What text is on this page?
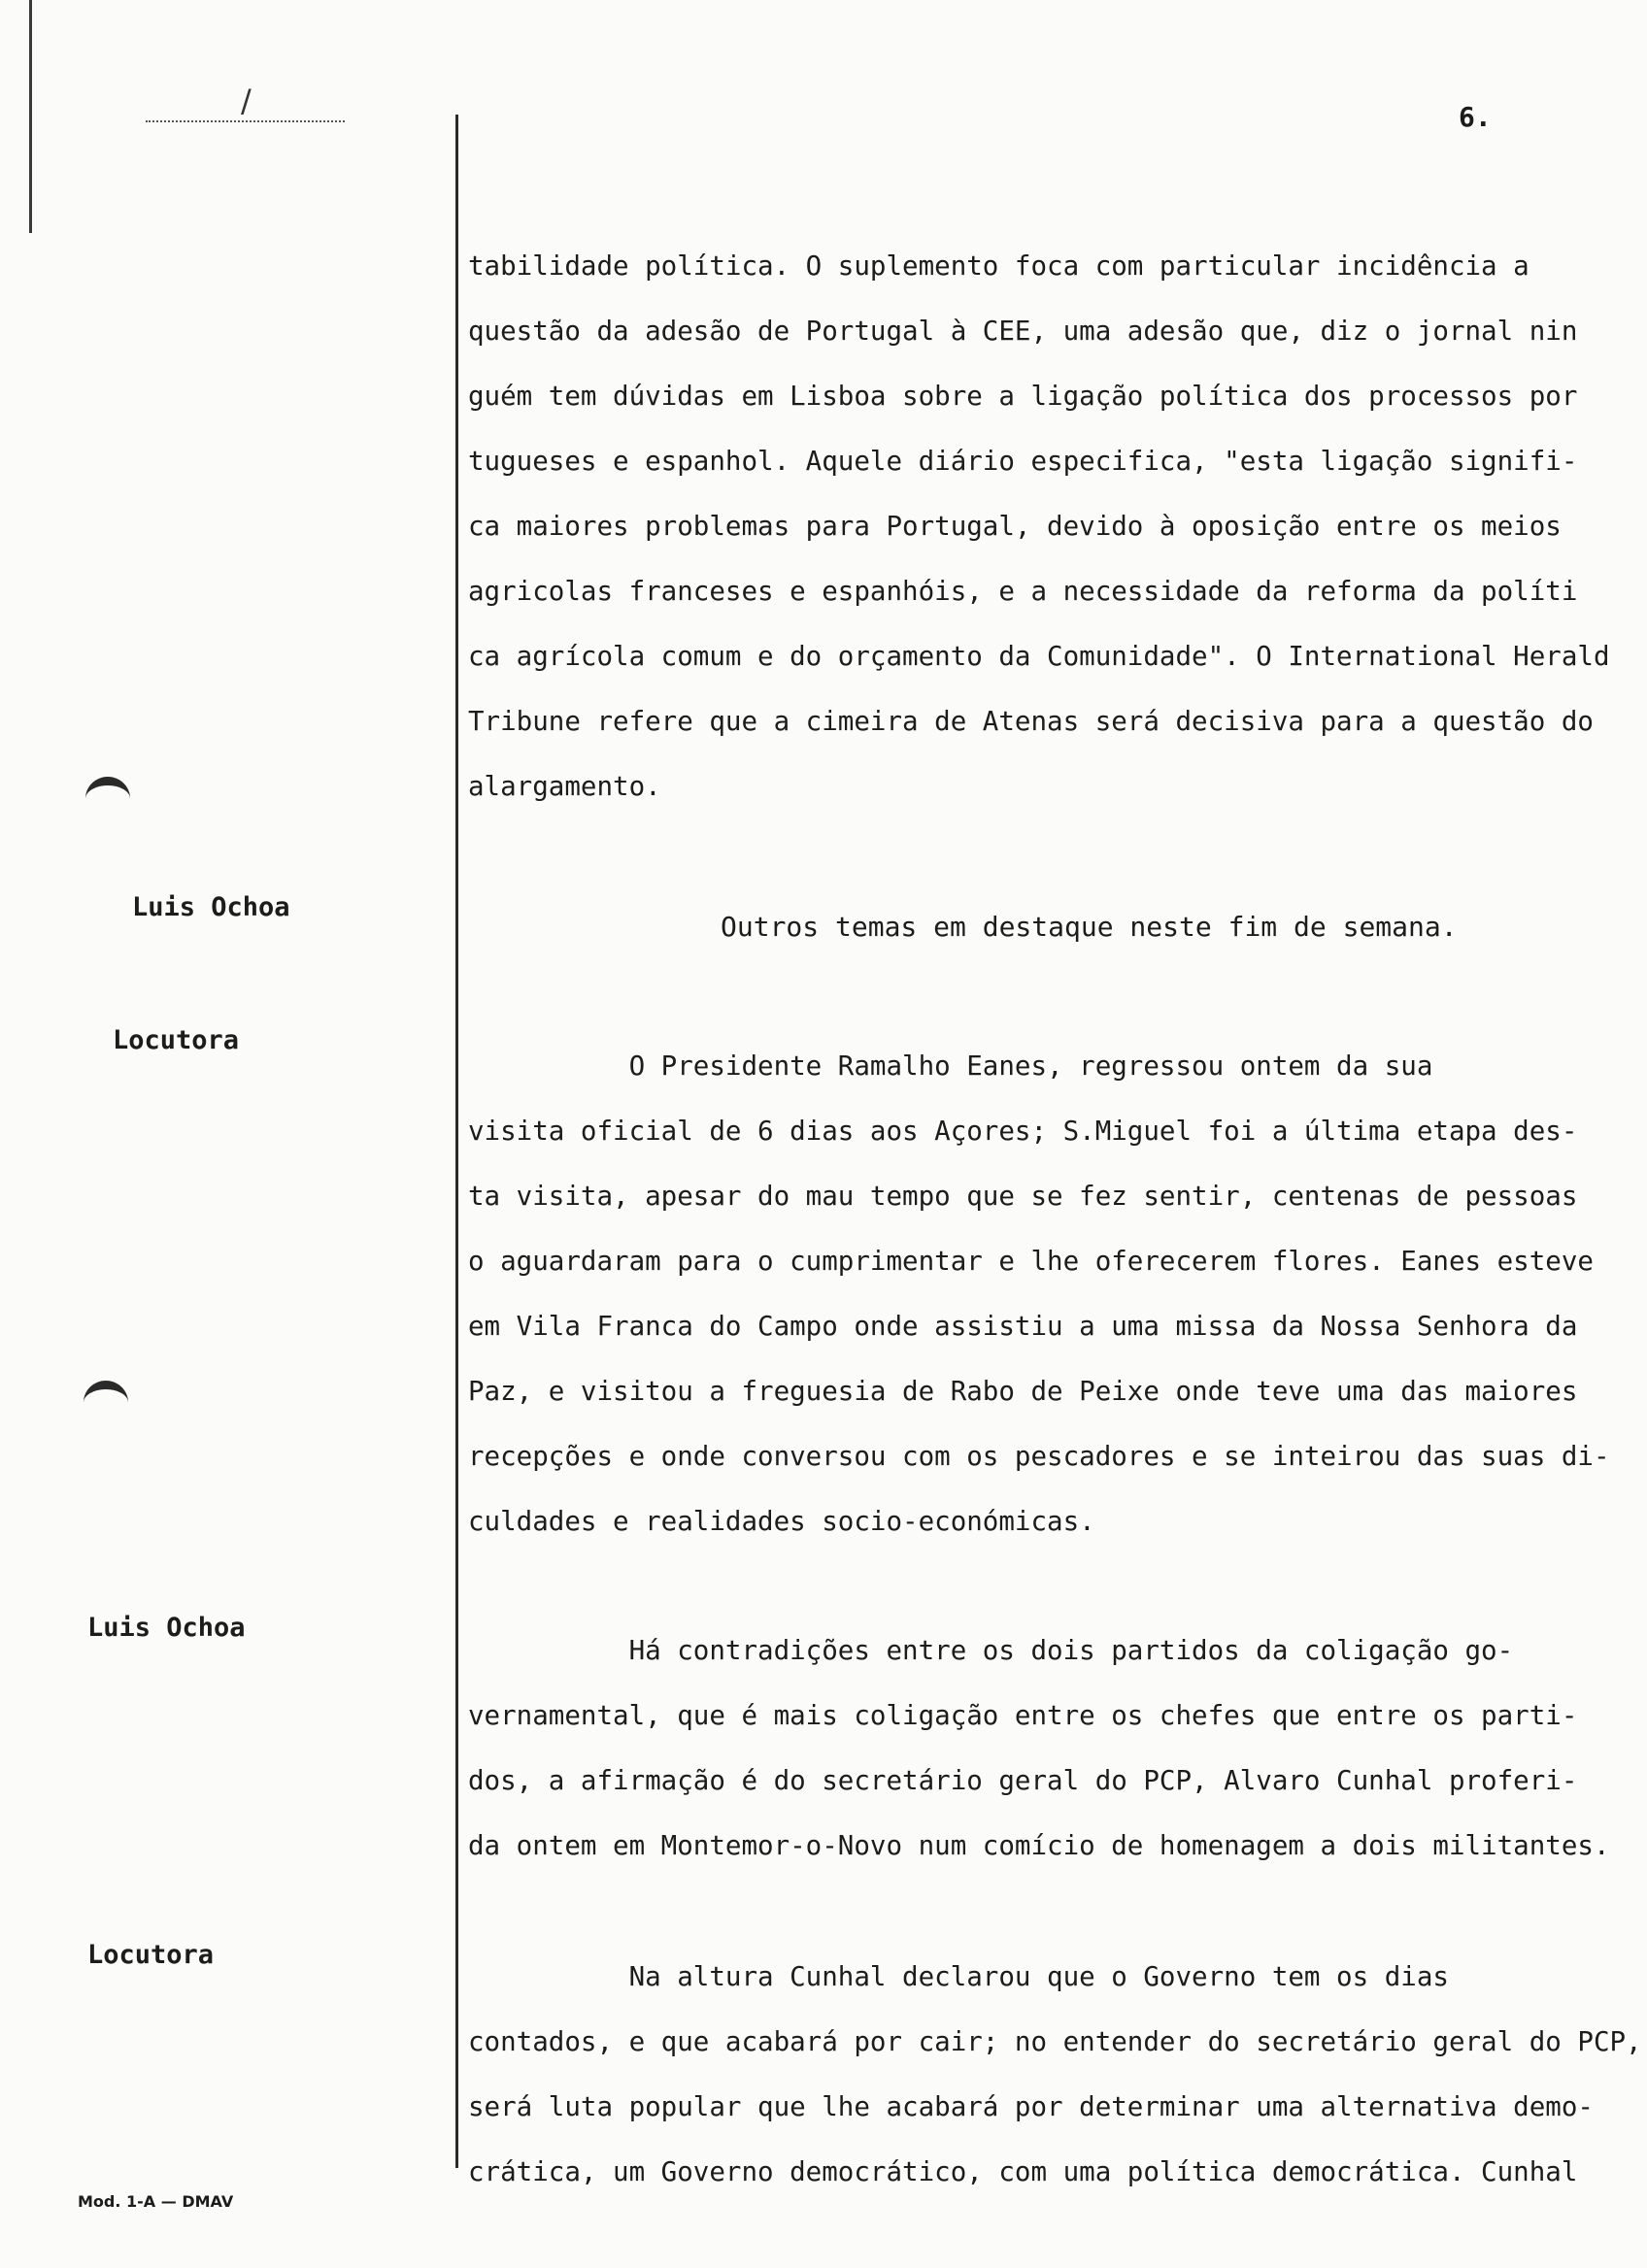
/	6.
Luis Ochoa
Locutora
Luis Ochoa
Locutora
Outros temas em destaque neste fim de semana.
tabilidade política. O suplemento foca com particular incidência a
questão da adesão de Portugal à CEE, uma adesão que, diz o jornal nin
guém tem dúvidas em Lisboa sobre a ligação política dos processos por
tugueses e espanhol. Aquele diário especifica, "esta ligação signifi-
ca maiores problemas para Portugal, devido à oposição entre os meios
agricolas franceses e espanhóis, e a necessidade da reforma da políti
ca agrícola comum e do orçamento da Comunidade". O International Herald
Tribune refere que a cimeira de Atenas será decisiva para a questão do
alargamento.
O Presidente Ramalho Eanes, regressou ontem da sua
visita oficial de 6 dias aos Açores; S.Miguel foi a última etapa des-
ta visita, apesar do mau tempo que se fez sentir, centenas de pessoas
o aguardaram para o cumprimentar e lhe oferecerem flores. Eanes esteve
em Vila Franca do Campo onde assistiu a uma missa da Nossa Senhora da
Paz, e visitou a freguesia de Rabo de Peixe onde teve uma das maiores
recepções e onde conversou com os pescadores e se inteirou das suas di-
culdades e realidades socio-económicas.
Há contradições entre os dois partidos da coligação go-
vernamental, que é mais coligação entre os chefes que entre os parti-
dos, a afirmação é do secretário geral do PCP, Alvaro Cunhal proferi-
da ontem em Montemor-o-Novo num comício de homenagem a dois militantes.
Na altura Cunhal declarou que o Governo tem os dias
contados, e que acabará por cair; no entender do secretário geral do PCP,
será luta popular que lhe acabará por determinar uma alternativa demo-
crática, um Governo democrático, com uma política democrática. Cunhal
Mod. 1-A — DMAV
